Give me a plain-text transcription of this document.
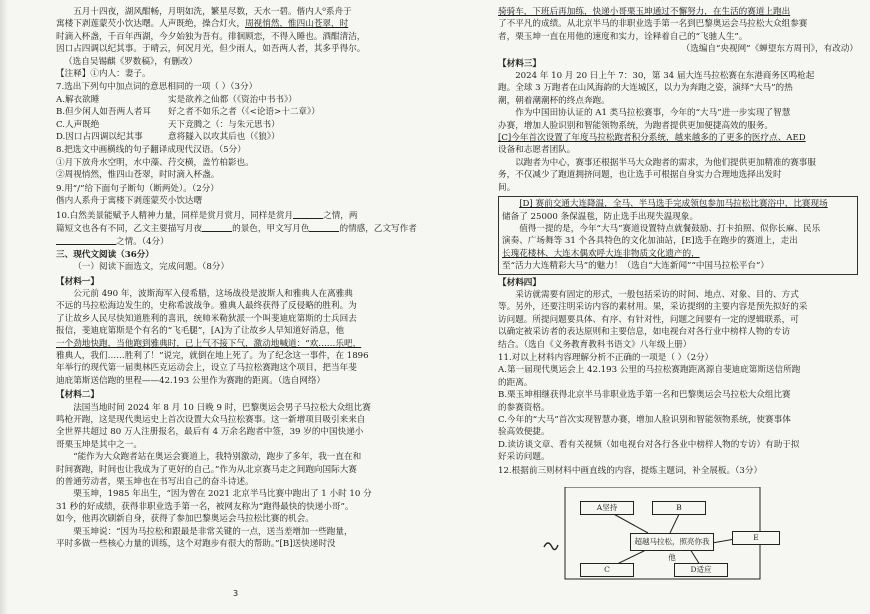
五月十四夜，湖风酣畅，月明如洗，繁星尽数，天水一碧。偕内人⁰系舟于

寓楼下剥莲蒙芡小饮达曙。人声既绝，操合灯火，周视悄然，惟四山苍翠，时

时滴入杯盏，千百年西湖，今夕始独为吾有。徘徊顾恋，不得入睡也。酒酣清洁，

因口占四调以纪其事。于晴云，何况月光，但少雨人，如吾两人者，其多乎得尔。

（选自吴锡麒《罗数稿》，有删改）

【注释】①内人：妻子。

7.选出下列句中加点词的意思相同的一项（ ）（3分）

A.解衣欲睡	实是欲养之仙都（《资治中书书》）
B.但少闲人如吾两人者耳	好之者不如乐之者（《<论语>十二章》）
C.人声既绝	天下竞腾之（：与朱元思书）
D.因口占四调以纪其事	意将隧入以攻其后也（《狼》）

8.把选文中画横线的句子翻译成现代汉语。（5分）

①月下放舟水空明，水中藻、荇交横，盖竹柏影也。

②周视悄然，惟四山苍翠，时时滴入杯盏。

9.用“/”给下面句子断句（断两处）。（2分）

偕内人系舟于寓楼下剥莲蒙芡小饮达曙

10.白然美景能赋予人精神力量，同样是赏月赏月，同样是赏月	之情，两

篇短文也各有不同，乙文主要描写月夜	的景色，甲文写月色	的情感，乙文写作者

之情。（4分）

三、现代文阅读（36分）

（一）阅读下面选文，完成问题。（8分）

【材料一】

公元前 490 年，波斯海军入侵希腊，这场战役是波斯人和雅典人在离雅典

不远的马拉松海边发生的，史称希波战争。雅典人最终获得了反侵略的胜利。为

了让故乡人民尽快知道胜利的喜讯，统帅米勒狄派一个叫斐迪庇第斯的士兵回去

报信，斐迪庇第斯是个有名的“飞毛腿”，[A]为了让故乡人早知道好消息，他

一个劲地快跑，当他跑到雅典时，已上气不接下气，激动地喊道：“欢……乐吧，

雅典人，我们……胜利了！”说完，就倒在地上死了。为了纪念这一事件，在 1896

年举行的现代第一届奥林匹克运动会上，设立了马拉松赛跑这个项目，把当年斐

迪庇第斯送信跑的里程——42.193 公里作为赛跑的距离。（选自网络）

【材料二】

法国当地时间 2024 年 8 月 10 日晚 9 时，巴黎奥运会男子马拉松大众组比赛

鸣枪开跑，这是现代奥运史上首次设置大众马拉松赛事。这一新增项目吸引来来自

全世界共超过 80 万人注册报名，最后有 4 万余名跑者中签，39 岁的中国快递小

哥栗玉坤是其中之一。

“能作为大众跑者站在奥运会赛道上，我特别激动，跑步了多年，我一直在和

时间赛跑，时间也让我成为了更好的自己。”作为从北京赛马走之间跑向国际大赛

的普通劳动者，栗玉坤也在书写出自己的奋斗诗述。

栗玉坤，1985 年出生，“因为曾在 2021 北京半马比赛中跑出了 1 小时 10 分

31 秒的好成绩，获得非职业选手第一名，被网友称为“跑得最快的快递小哥”。

如今，他再次刷新自身，获得了参加巴黎奥运会马拉松比赛的机会。

栗玉坤说：“因为马拉松和跟最是非常关键的一点，送当差增加一些跑量，

平时多做一些核心力量的训练，这个对跑步有很大的帮助。”[B]送快递时没

3

骑骑车，下班后再加练，快递小哥栗玉坤通过不懈努力，在生活的赛道上跑出

了不平凡的成绩。从北京半马的非职业选手第一名到巴黎奥运会马拉松大众组参赛

者，栗玉坤一直在用他的速度和实力，诠释着自己的“飞驰人生”。

（选编自“央视网”《蝉望东方周刊》，有改动）

【材料三】

2024 年 10 月 20 日上午 7：30，第 34 届大连马拉松赛在东港商务区鸣枪起

跑。全球 3 万跑者在山风海韵的大连城区，以力为奔跑之姿，演绎“大马”的热

潮，朝着潮潮杯的终点奔跑。

作为中国田协认证的 A1 类马拉松赛事，今年的“大马”进一步实现了智慧

办赛，增加人脸识别和智能领物系统，为跑者提供更加便捷高效的服务。

[C]今年首次设置了年度马拉松跑者积分系统，越来越多的了更多的医疗点、AED

设备和志愿者团队。

以跑者为中心，赛事还根据半马大众跑者的需求，为他们提供更加精准的赛事服

务，不仅减少了跑道拥挤问题，也让选手可根据自身实力合理地选择出发时

间。

[D] 赛前交通大连降温，全马、半马选手完成领包参加马拉松比赛浴中，比赛现场

储备了 25000 条保温毯，防止选手出现失温现象。

值得一提的是，今年“大马”赛道设置特点就餐鼓励、打卡拍照、似你长麻、民乐

演奏、广场舞等 31 个各具特色的文化加油站，[E]选手在跑步的赛道上，走出

长瑰花楼林、大连木偶欢呼大连非物质文化遗产的，

至“活力大连精彩大马”的魅力！（选自“大连新闻”“中国马拉松平台”）

【材料四】

采访就需要有固定的形式，一般包括采访的时间、地点、对象、目的、方式

等。另外，还要注明采访内容的素材用。果，采访提纲的主要内容是预先拟好的采

访问题。所提问题要具体、有序、有针对性，问题之间要有一定的逻辑联系，可

以确定被采访者的表达原则和主要信息，如电视台对各行业中榜样人物的专访

结合。（选自《义务教育教科书语文》八年级上册）

11.对以上材料内容理解分析不正确的一项是（ ）（2分）

A.第一届现代奥运会上 42.193 公里的马拉松赛跑距离源自斐迪庇第斯送信所跑

的距离。

B.栗玉坤相继获得北京半马非职业选手第一名和巴黎奥运会马拉松大众组比赛

的参赛资格。

C.今年的“大马”首次实现智慧办赛，增加人脸识别和智能领物系统，使赛事体

验高效便捷。

D.读访谈文章、看有关视频（如电视台对各行各业中榜样人物的专访）有助于拟

好采访问题。

12.根据前三则材料中画直线的内容，提炼主题词，补全展板。（3分）

A坚持	B
超越马拉松，照亮你我他
E
C	D适应
